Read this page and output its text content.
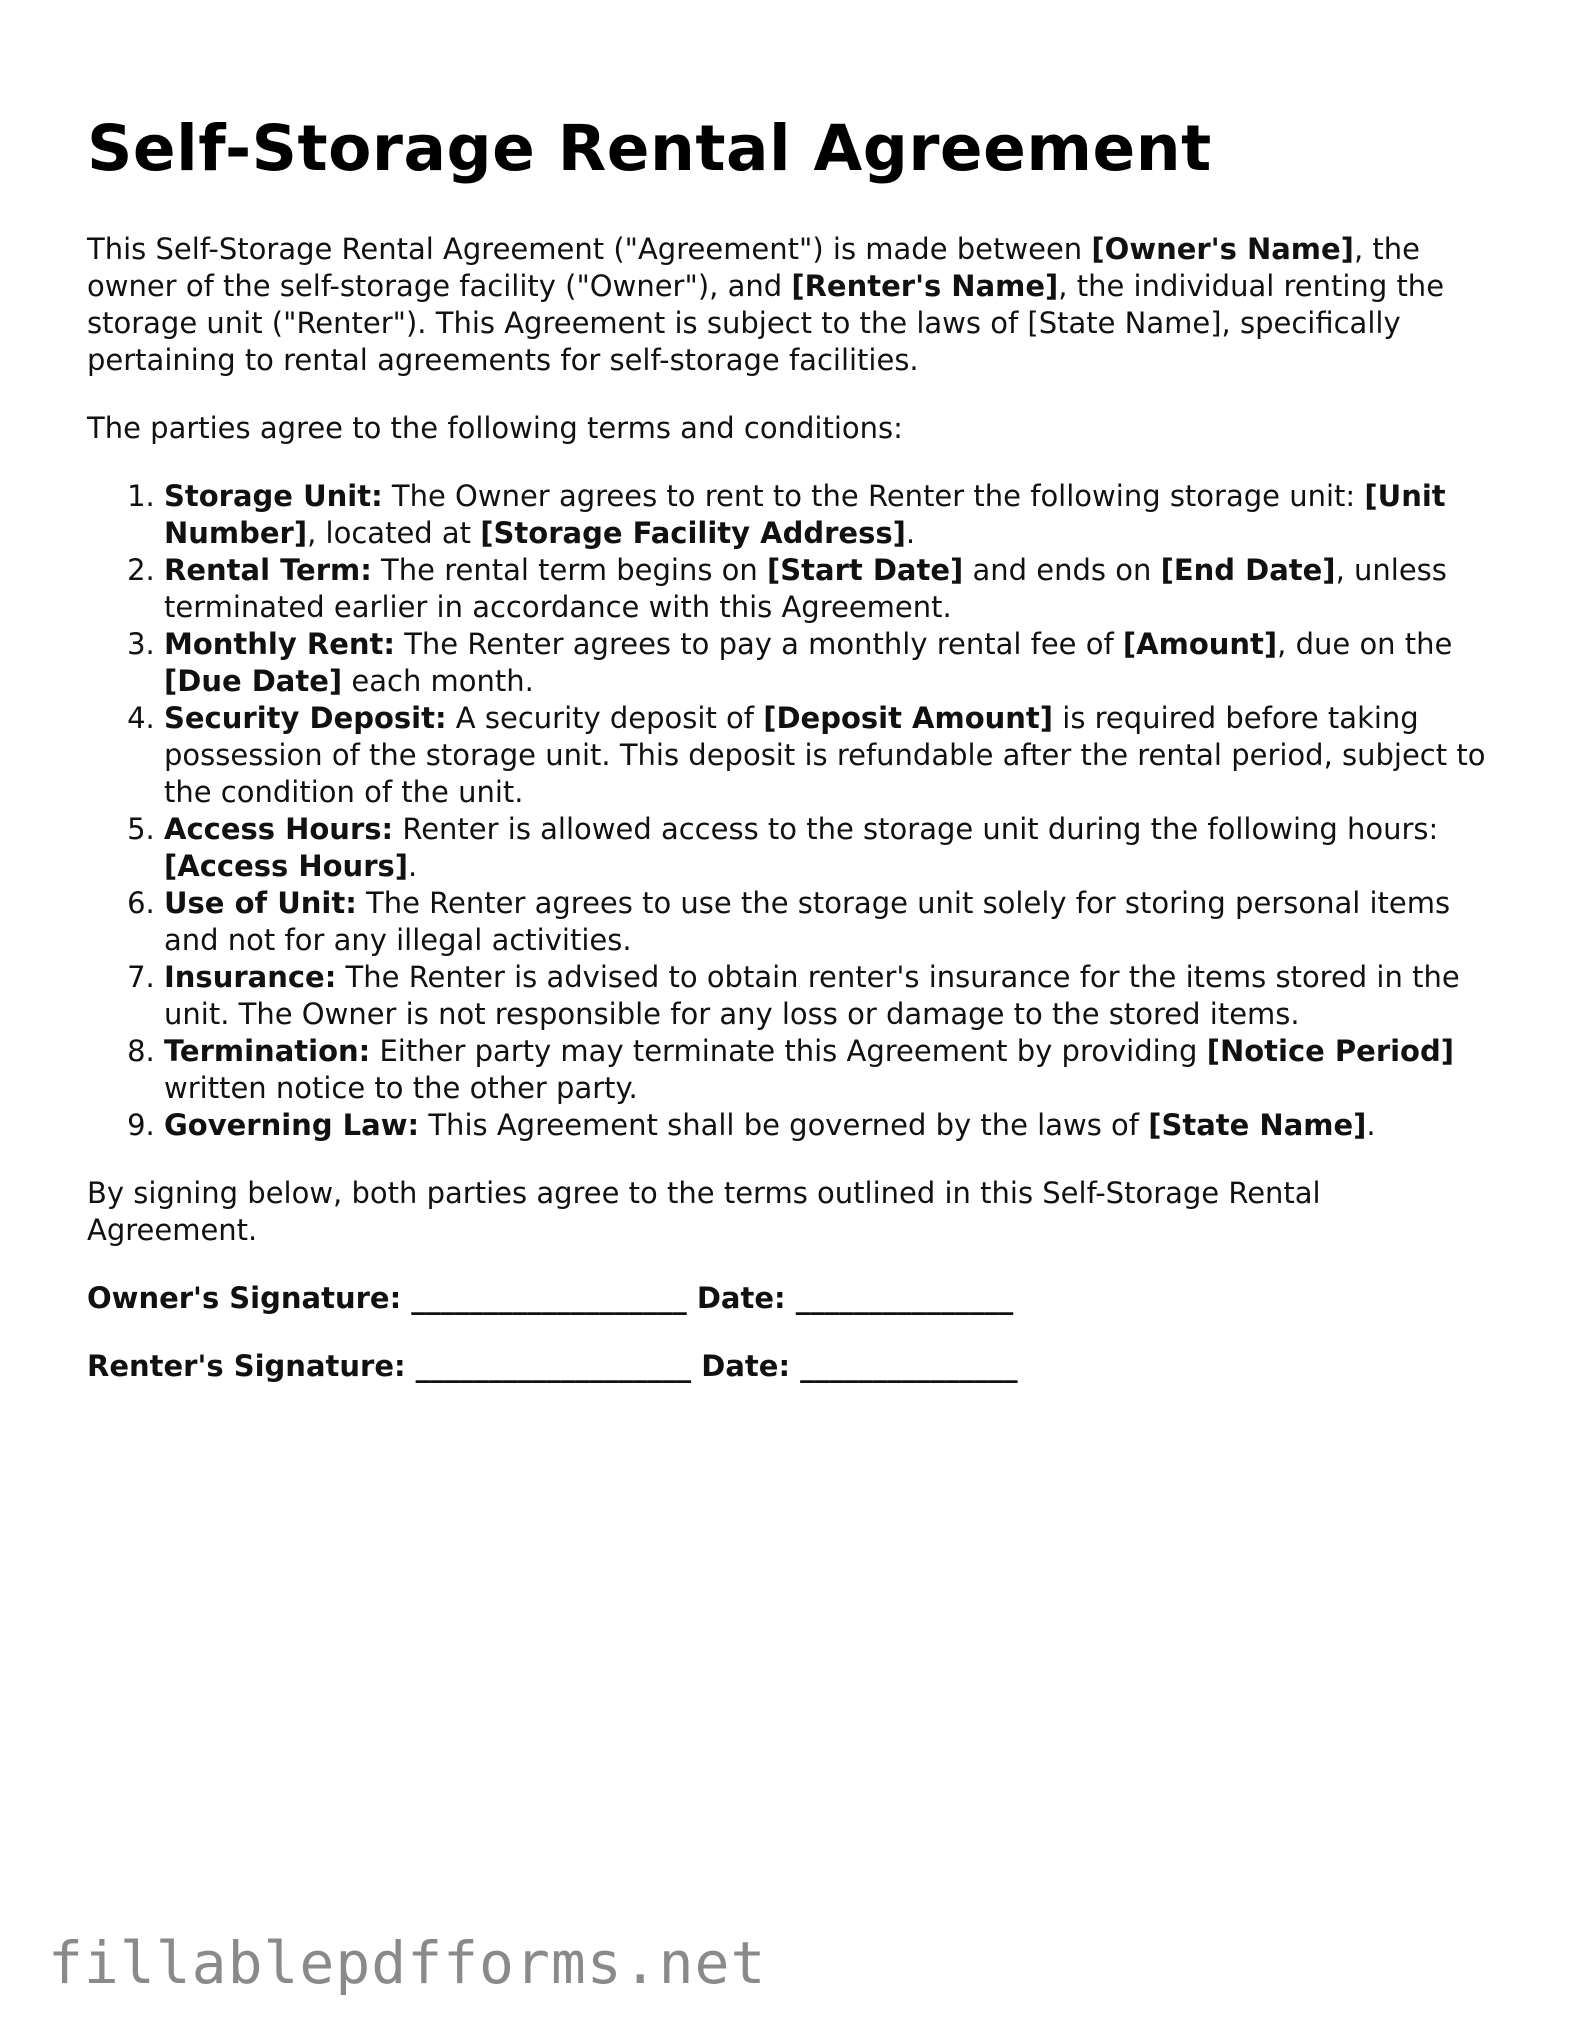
Self-Storage Rental Agreement

This Self-Storage Rental Agreement ("Agreement") is made between [Owner's Name], the owner of the self-storage facility ("Owner"), and [Renter's Name], the individual renting the storage unit ("Renter"). This Agreement is subject to the laws of [State Name], specifically pertaining to rental agreements for self-storage facilities.

The parties agree to the following terms and conditions:

1. Storage Unit: The Owner agrees to rent to the Renter the following storage unit: [Unit Number], located at [Storage Facility Address].
2. Rental Term: The rental term begins on [Start Date] and ends on [End Date], unless terminated earlier in accordance with this Agreement.
3. Monthly Rent: The Renter agrees to pay a monthly rental fee of [Amount], due on the [Due Date] each month.
4. Security Deposit: A security deposit of [Deposit Amount] is required before taking possession of the storage unit. This deposit is refundable after the rental period, subject to the condition of the unit.
5. Access Hours: Renter is allowed access to the storage unit during the following hours: [Access Hours].
6. Use of Unit: The Renter agrees to use the storage unit solely for storing personal items and not for any illegal activities.
7. Insurance: The Renter is advised to obtain renter's insurance for the items stored in the unit. The Owner is not responsible for any loss or damage to the stored items.
8. Termination: Either party may terminate this Agreement by providing [Notice Period] written notice to the other party.
9. Governing Law: This Agreement shall be governed by the laws of [State Name].

By signing below, both parties agree to the terms outlined in this Self-Storage Rental Agreement.

Owner's Signature: ___________________ Date: _______________
Renter's Signature: ___________________ Date: _______________
fillablepdfforms.net
